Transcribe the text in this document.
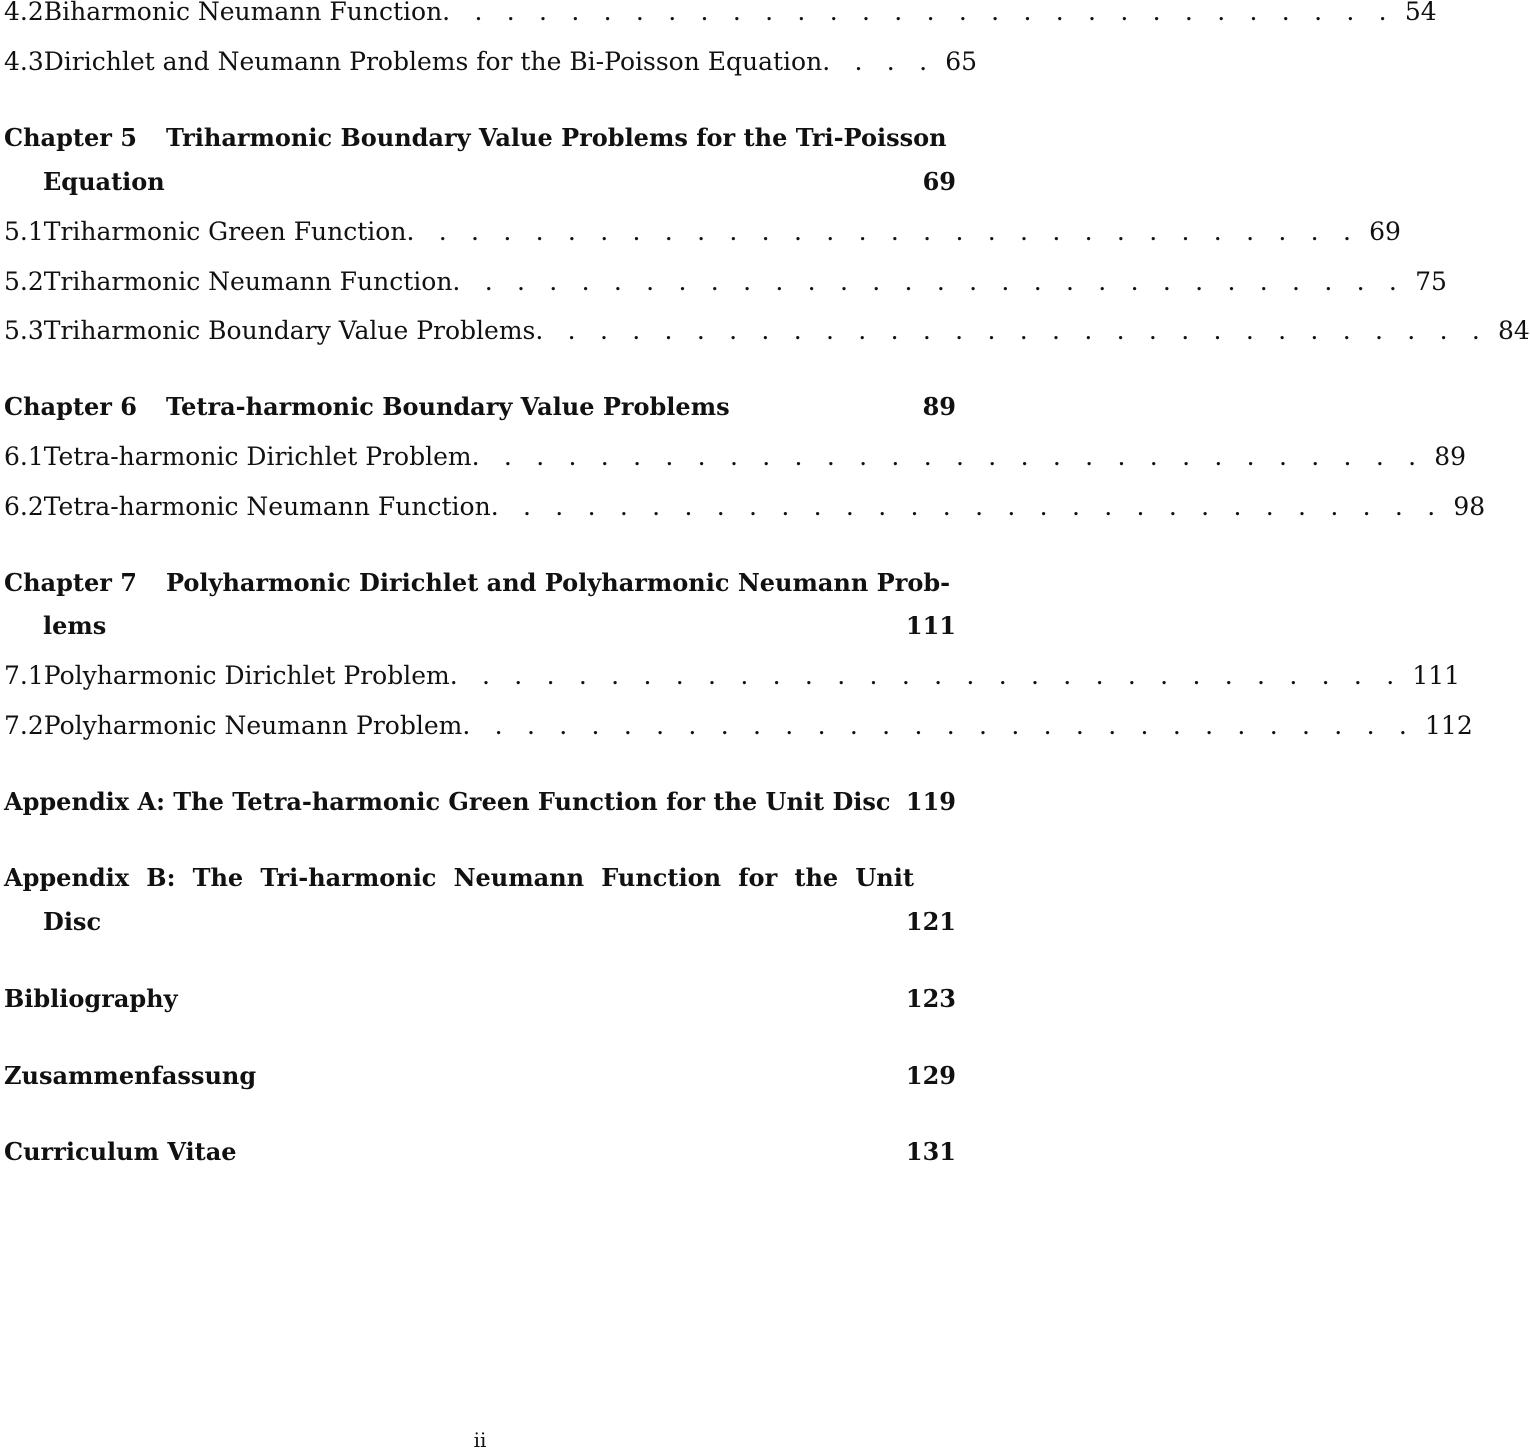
4.2 Biharmonic Neumann Function . . . . . . . . . . . . . . . . . . . . . . . . . . . . . . 54
4.3 Dirichlet and Neumann Problems for the Bi-Poisson Equation . . . . 65
Chapter 5	Triharmonic Boundary Value Problems for the Tri-Poisson
Equation	69
5.1 Triharmonic Green Function . . . . . . . . . . . . . . . . . . . . . . . . . . . . . . 69
5.2 Triharmonic Neumann Function . . . . . . . . . . . . . . . . . . . . . . . . . . . . . . 75
5.3 Triharmonic Boundary Value Problems . . . . . . . . . . . . . . . . . . . . . . . . . . . . . . 84
Chapter 6	Tetra-harmonic Boundary Value Problems	89
6.1 Tetra-harmonic Dirichlet Problem . . . . . . . . . . . . . . . . . . . . . . . . . . . . . . 89
6.2 Tetra-harmonic Neumann Function . . . . . . . . . . . . . . . . . . . . . . . . . . . . . . 98
Chapter 7	Polyharmonic Dirichlet and Polyharmonic Neumann Prob-
lems	111
7.1 Polyharmonic Dirichlet Problem . . . . . . . . . . . . . . . . . . . . . . . . . . . . . . 111
7.2 Polyharmonic Neumann Problem . . . . . . . . . . . . . . . . . . . . . . . . . . . . . . 112
Appendix A: The Tetra-harmonic Green Function for the Unit Disc 119
Appendix B: The Tri-harmonic Neumann Function for the Unit
Disc	121
Bibliography	123
Zusammenfassung	129
Curriculum Vitae	131
ii
